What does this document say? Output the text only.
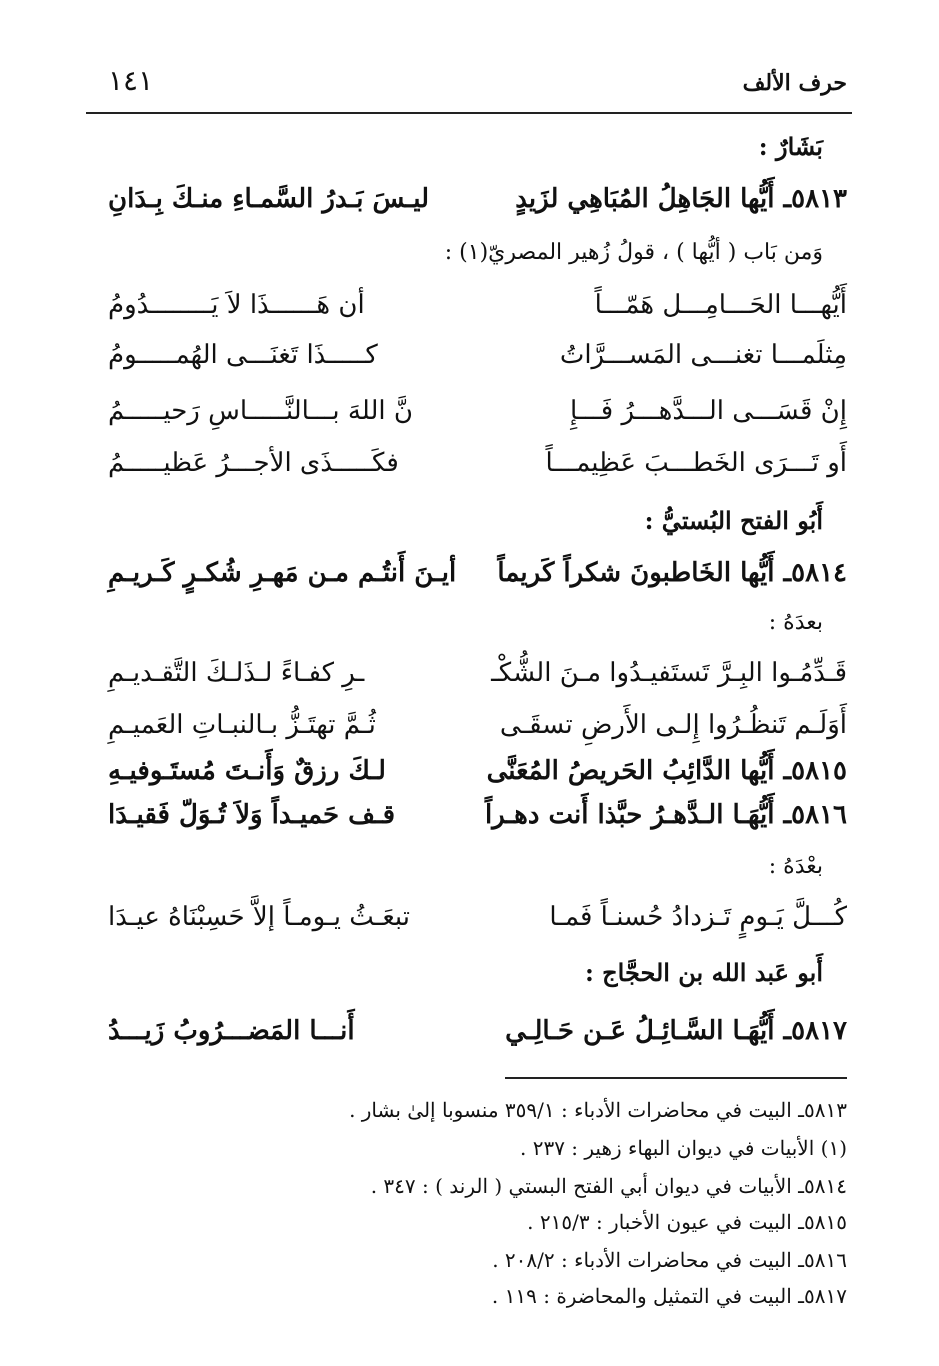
حرف الألف
١٤١
بَشَارٌ :
٥٨١٣ـ أَيُّها الجَاهِلُ المُبَاهِي لزَيدٍ
ليـسَ بَـدرُ السَّمـاءِ منـكَ بِـدَانِ
وَمن بَاب ( أيُّها ) ، قولُ زُهير المصريّ(١) :
أَيُّهـــا الحَـــامِـــل هَمّـــاً
أن هَــــــذَا لاَ يَــــــــدُومُ
مِثلَمـــا تغنـــى المَســـرَّاتُ
كـــــذَا تَغنَـــى الهُمـــــومُ
إِنْ قَسَـــى الـــدَّهـــرُ فَـــإِ
نَّ اللهَ بـــالنَّـــــاسِ رَحيـــــمُ
أَو تَـــرَى الخَطـــبَ عَظِيمـــاً
فكَـــــذَى الأجـــرُ عَظيـــــمُ
أَبُو الفتح البُستيُّ :
٥٨١٤ـ أَيُّها الخَاطبونَ شكراً كَريماً
أيـنَ أَنتُـم مـن مَهـرِ شُكـرٍ كَـريـمِ
بعدَهُ :
قَـدِّمُـوا البِـرَّ تَستَفيـدُوا مـنَ الشُّكْـ
ـرِ كفـاءً لـذَلـكَ التَّقـديـمِ
أَوَلَـم تَنظُـرُوا إِلـى الأَرضِ تسقَـى
ثُـمَّ تهتَـزُّ بـالنبـاتِ العَميـمِ
٥٨١٥ـ أَيُّها الدَّائِبُ الحَريصُ المُعَنَّى
لـكَ رزقٌ وَأَنـتَ مُستَـوفيـهِ
٥٨١٦ـ أَيُّهَـا الـدَّهـرُ حبَّذا أَنت دهـراً
قـف حَميـداً وَلاَ تُـوَلّ فَقيـدَا
بعْدَهُ :
كُـــلَّ يَـومٍ تَـزدادُ حُسنـاً فَمـا
تبعَـثُ يـومـاً إلاَّ حَسِبْنَاهُ عيـدَا
أَبو عَبد الله بن الحجَّاج :
٥٨١٧ـ أَيُّهَـا السَّـائِـلُ عَـن حَـالِـي
أَنـــا المَضـــرُوبُ زَيـــدُ
٥٨١٣ـ البيت في محاضرات الأدباء : ٣٥٩/١ منسوبا إلىٰ بشار .
(١) الأبيات في ديوان البهاء زهير : ٢٣٧ .
٥٨١٤ـ الأبيات في ديوان أبي الفتح البستي ( الرند ) : ٣٤٧ .
٥٨١٥ـ البيت في عيون الأخبار : ٢١٥/٣ .
٥٨١٦ـ البيت في محاضرات الأدباء : ٢٠٨/٢ .
٥٨١٧ـ البيت في التمثيل والمحاضرة : ١١٩ .
